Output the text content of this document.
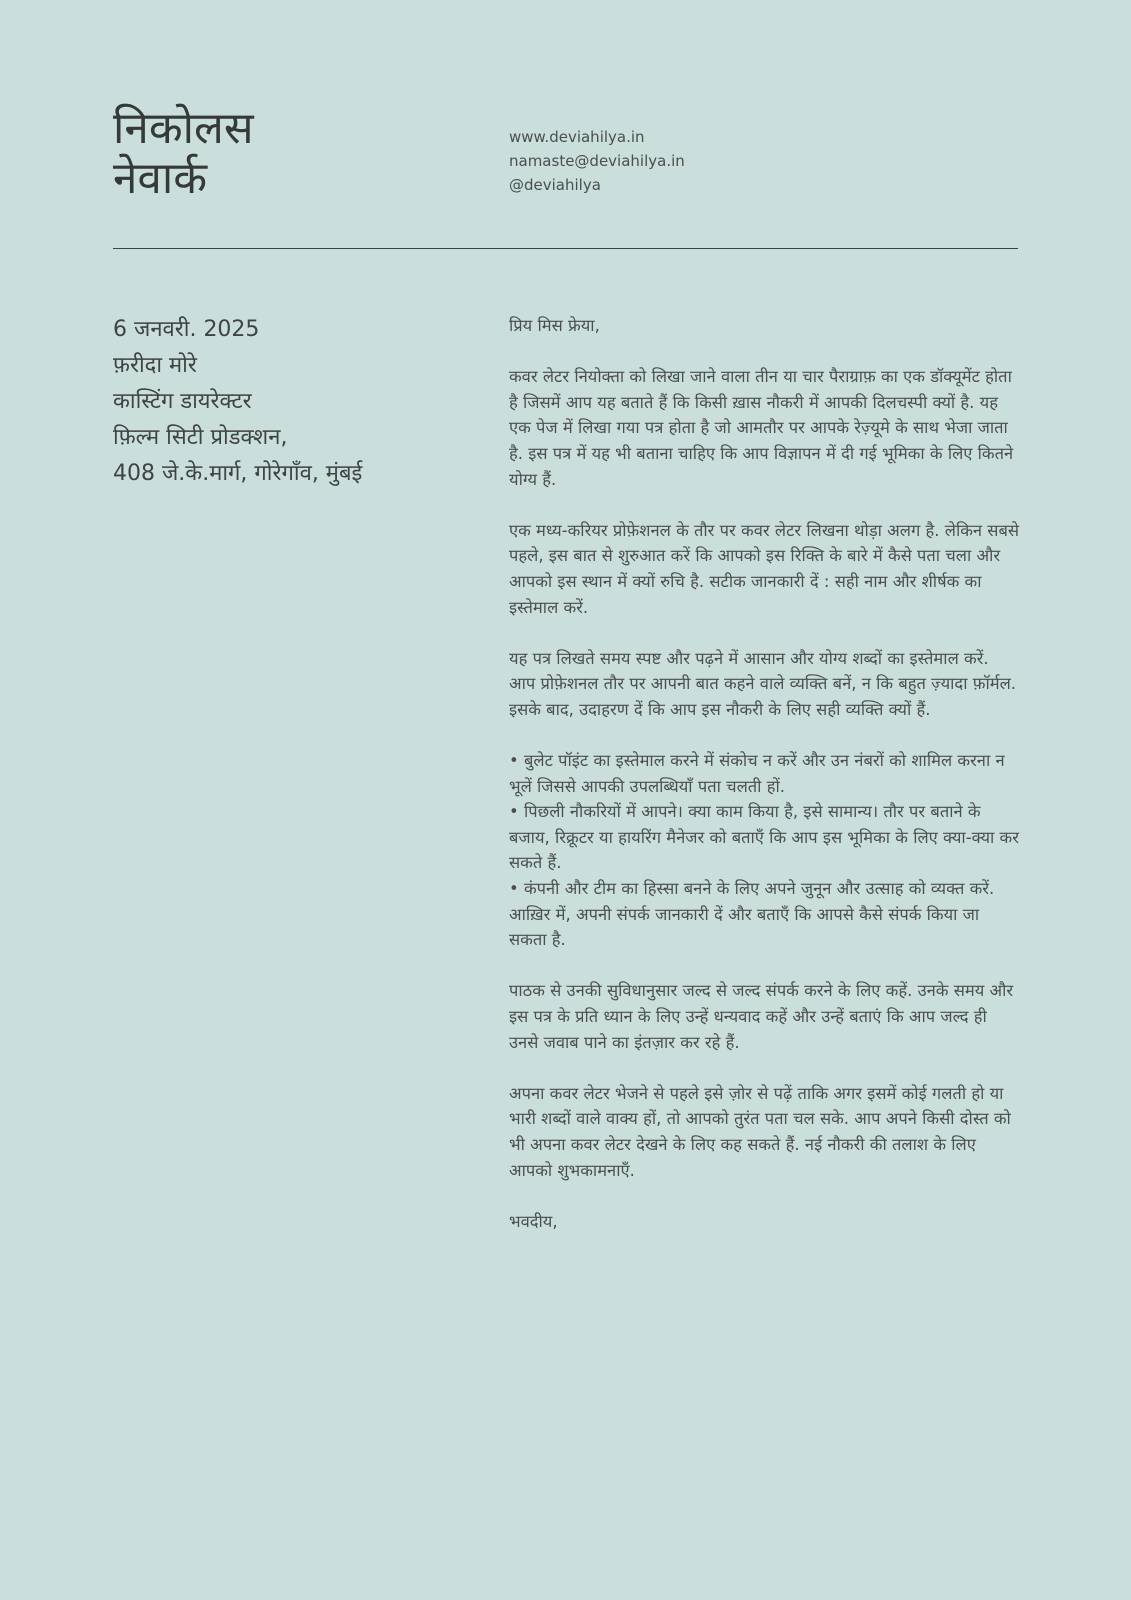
निकोलस
नेवार्क
www.deviahilya.in
namaste@deviahilya.in
@deviahilya
6 जनवरी. 2025
फ़रीदा मोरे
कास्टिंग डायरेक्टर
फ़िल्म सिटी प्रोडक्शन,
408 जे.के.मार्ग, गोरेगाँव, मुंबई

प्रिय मिस फ्रेया,

कवर लेटर नियोक्ता को लिखा जाने वाला तीन या चार पैराग्राफ़ का एक डॉक्यूमेंट होता है जिसमें आप यह बताते हैं कि किसी ख़ास नौकरी में आपकी दिलचस्पी क्यों है. यह एक पेज में लिखा गया पत्र होता है जो आमतौर पर आपके रेज़्यूमे के साथ भेजा जाता है. इस पत्र में यह भी बताना चाहिए कि आप विज्ञापन में दी गई भूमिका के लिए कितने योग्य हैं.

एक मध्य-करियर प्रोफ़ेशनल के तौर पर कवर लेटर लिखना थोड़ा अलग है. लेकिन सबसे पहले, इस बात से शुरुआत करें कि आपको इस रिक्ति के बारे में कैसे पता चला और आपको इस स्थान में क्यों रुचि है. सटीक जानकारी दें : सही नाम और शीर्षक का इस्तेमाल करें.

यह पत्र लिखते समय स्पष्ट और पढ़ने में आसान और योग्य शब्दों का इस्तेमाल करें. आप प्रोफ़ेशनल तौर पर आपनी बात कहने वाले व्यक्ति बनें, न कि बहुत ज़्यादा फ़ॉर्मल. इसके बाद, उदाहरण दें कि आप इस नौकरी के लिए सही व्यक्ति क्यों हैं.

• बुलेट पॉइंट का इस्तेमाल करने में संकोच न करें और उन नंबरों को शामिल करना न भूलें जिससे आपकी उपलब्धियाँ पता चलती हों.

• पिछली नौकरियों में आपने। क्या काम किया है, इसे सामान्य। तौर पर बताने के बजाय, रिक्रूटर या हायरिंग मैनेजर को बताएँ कि आप इस भूमिका के लिए क्या-क्या कर सकते हैं.

• कंपनी और टीम का हिस्सा बनने के लिए अपने जुनून और उत्साह को व्यक्त करें. आख़िर में, अपनी संपर्क जानकारी दें और बताएँ कि आपसे कैसे संपर्क किया जा सकता है.

पाठक से उनकी सुविधानुसार जल्द से जल्द संपर्क करने के लिए कहें. उनके समय और इस पत्र के प्रति ध्यान के लिए उन्हें धन्यवाद कहें और उन्हें बताएं कि आप जल्द ही उनसे जवाब पाने का इंतज़ार कर रहे हैं.

अपना कवर लेटर भेजने से पहले इसे ज़ोर से पढ़ें ताकि अगर इसमें कोई गलती हो या भारी शब्दों वाले वाक्य हों, तो आपको तुरंत पता चल सके. आप अपने किसी दोस्त को भी अपना कवर लेटर देखने के लिए कह सकते हैं. नई नौकरी की तलाश के लिए आपको शुभकामनाएँ.

भवदीय,
